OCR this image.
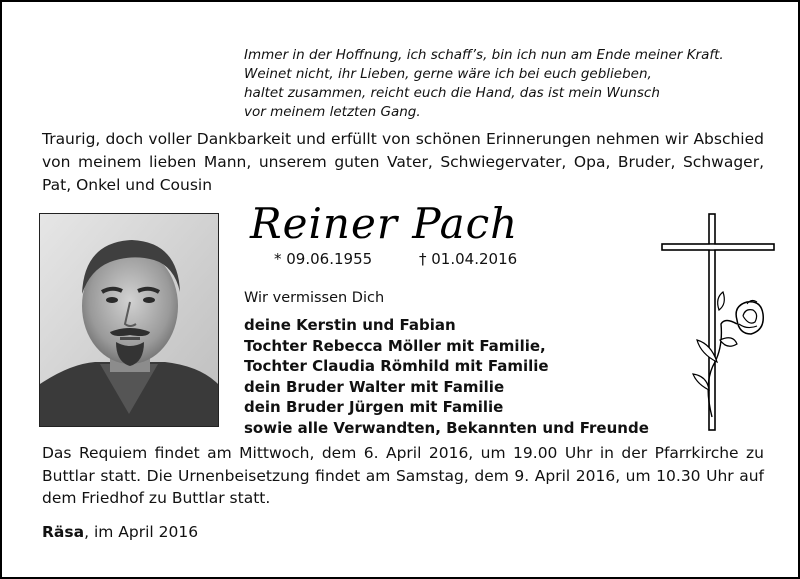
Immer in der Hoffnung, ich schaff’s, bin ich nun am Ende meiner Kraft.
Weinet nicht, ihr Lieben, gerne wäre ich bei euch geblieben,
haltet zusammen, reicht euch die Hand, das ist mein Wunsch
vor meinem letzten Gang.
Traurig, doch voller Dankbarkeit und erfüllt von schönen Erinnerungen nehmen wir Abschied von meinem lieben Mann, unserem guten Vater, Schwiegervater, Opa, Bruder, Schwager, Pat, Onkel und Cousin
Reiner Pach
* 09.06.1955	† 01.04.2016
Wir vermissen Dich
deine Kerstin und Fabian
Tochter Rebecca Möller mit Familie,
Tochter Claudia Römhild mit Familie
dein Bruder Walter mit Familie
dein Bruder Jürgen mit Familie
sowie alle Verwandten, Bekannten und Freunde
Das Requiem findet am Mittwoch, dem 6. April 2016, um 19.00 Uhr in der Pfarrkirche zu Buttlar statt. Die Urnenbeisetzung findet am Samstag, dem 9. April 2016, um 10.30 Uhr auf dem Friedhof zu Buttlar statt.
Räsa, im April 2016
